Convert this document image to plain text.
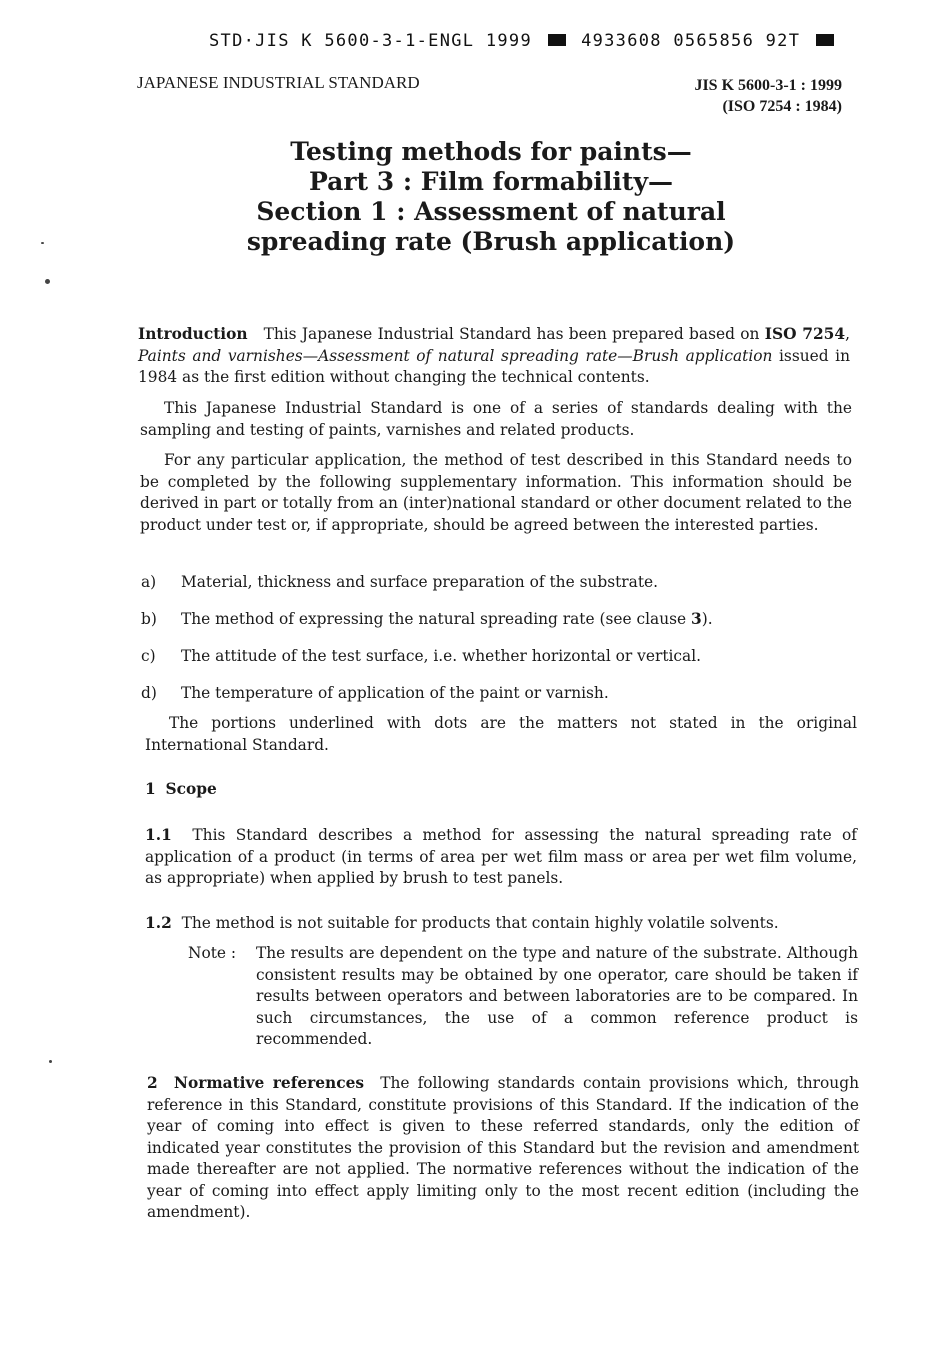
STD·JIS K 5600-3-1-ENGL 1999	4933608 0565856 92T
JAPANESE INDUSTRIAL STANDARD	JIS K 5600-3-1 : 1999
(ISO 7254 : 1984)
Testing methods for paints—
Part 3 : Film formability—
Section 1 : Assessment of natural
spreading rate (Brush application)

Introduction This Japanese Industrial Standard has been prepared based on ISO 7254, Paints and varnishes—Assessment of natural spreading rate—Brush application issued in 1984 as the first edition without changing the technical contents.

This Japanese Industrial Standard is one of a series of standards dealing with the sampling and testing of paints, varnishes and related products.

For any particular application, the method of test described in this Standard needs to be completed by the following supplementary information. This information should be derived in part or totally from an (inter)national standard or other document related to the product under test or, if appropriate, should be agreed between the interested parties.

a) Material, thickness and surface preparation of the substrate.
b) The method of expressing the natural spreading rate (see clause 3).
c) The attitude of the test surface, i.e. whether horizontal or vertical.
d) The temperature of application of the paint or varnish.

The portions underlined with dots are the matters not stated in the original International Standard.

1 Scope

1.1 This Standard describes a method for assessing the natural spreading rate of application of a product (in terms of area per wet film mass or area per wet film volume, as appropriate) when applied by brush to test panels.

1.2 The method is not suitable for products that contain highly volatile solvents.

Note : The results are dependent on the type and nature of the substrate. Although consistent results may be obtained by one operator, care should be taken if results between operators and between laboratories are to be compared. In such circumstances, the use of a common reference product is recommended.

2 Normative references The following standards contain provisions which, through reference in this Standard, constitute provisions of this Standard. If the indication of the year of coming into effect is given to these referred standards, only the edition of indicated year constitutes the provision of this Standard but the revision and amendment made thereafter are not applied. The normative references without the indication of the year of coming into effect apply limiting only to the most recent edition (including the amendment).
